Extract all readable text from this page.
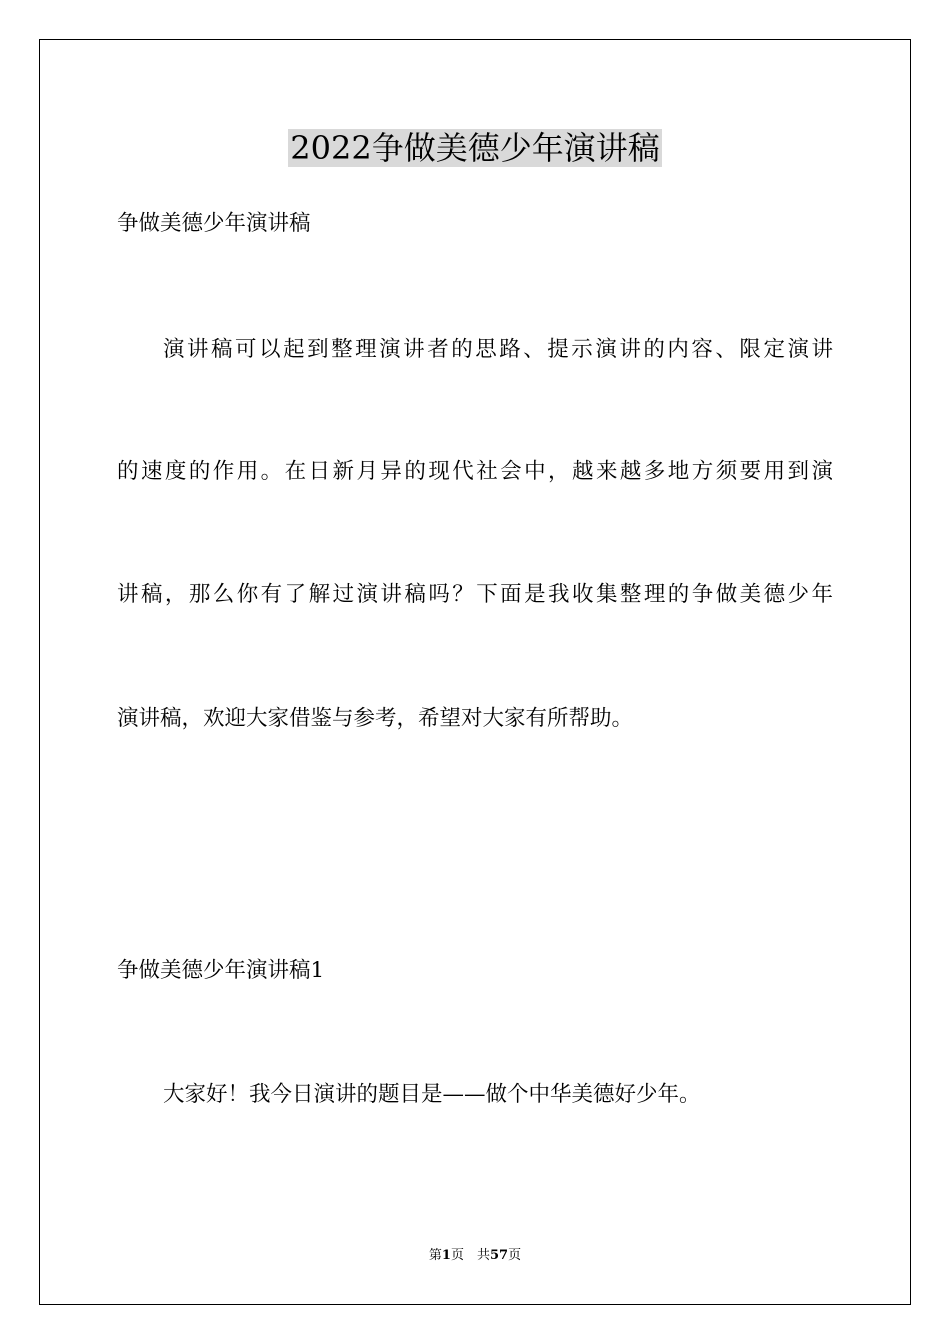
2022争做美德少年演讲稿

争做美德少年演讲稿

演讲稿可以起到整理演讲者的思路、提示演讲的内容、限定演讲

的速度的作用。在日新月异的现代社会中，越来越多地方须要用到演

讲稿，那么你有了解过演讲稿吗？下面是我收集整理的争做美德少年

演讲稿，欢迎大家借鉴与参考，希望对大家有所帮助。

争做美德少年演讲稿1

大家好！我今日演讲的题目是——做个中华美德好少年。

第1页　共57页
